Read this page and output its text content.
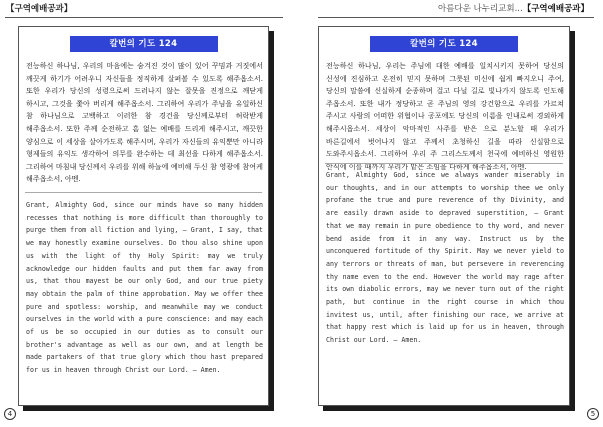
【구역예배공과】	아름다운 나누리교회...【구역예배공과】
칼번의 기도 124

전능하신 하나님, 우리의 마음에는 숨겨진 것이 많이 있어 꾸밈과 거짓에서 깨끗게 하기가 어려우니 자신들을 정직하게 살펴볼 수 있도록 해주옵소서. 또한 우리가 당신의 성령으로써 드러나지 않는 잘못을 진정으로 깨닫게 하시고, 그것을 쫓아 버리게 해주옵소서. 그리하여 우리가 주님을 유일하신 참 하나님으로 고백하고 이러한 참 경건을 당신께로부터 허락받게 해주옵소서. 또한 주께 순전하고 흠 없는 예배를 드리게 해주시고, 깨끗한 양심으로 이 세상을 살아가도록 해주시며, 우리가 자신들의 유익뿐만 아니라 형제들의 유익도 생각하여 의무를 완수하는 데 최선을 다하게 해주옵소서. 그리하여 마침내 당신께서 우리를 위해 하늘에 예비해 두신 참 영광에 참여케 해주옵소서, 아멘.

Grant, Almighty God, since our minds have so many hidden recesses that nothing is more difficult than thoroughly to purge them from all fiction and lying, — Grant, I say, that we may honestly examine ourselves. Do thou also shine upon us with the light of thy Holy Spirit: may we truly acknowledge our hidden faults and put them far away from us, that thou mayest be our only God, and our true piety may obtain the palm of thine approbation. May we offer thee pure and spotless: worship, and meanwhile may we conduct ourselves in the world with a pure conscience: and may each of us be so occupied in our duties as to consult our brother's advantage as well as our own, and at length be made partakers of that true glory which thou hast prepared for us in heaven through Christ our Lord. — Amen.

칼번의 기도 124

전능하신 하나님, 우리는 주님에 대한 예배를 일치시키지 못하여 당신의 신성에 진심하고 온전히 믿지 못하며 그릇된 미신에 쉽게 빠지오니 주여, 당신의 말씀에 신실하게 순종하며 걸고 다닐 길로 빛나가지 않도록 인도해 주옵소서. 또한 내가 정당하고 곧 주님의 영의 강건함으로 우리를 가르쳐 주시고 사람의 어떠한 위협이나 공포에도 당신의 이름을 인내로써 경외하게 해주시옵소서. 세상이 악마적인 사주를 받은 으로 분노할 때 우리가 바른길에서 벗어나지 않고 주께서 초청하신 길을 따라 신실함으로 도와주시옵소서. 그리하여 우리 주 그리스도께서 천국에 예비하신 영원한 안식에 이를 때까지 우리가 맡은 소임을 다하게 해주옵소서, 아멘.

Grant, Almighty God, since we always wander miserably in our thoughts, and in our attempts to worship thee we only profane the true and pure reverence of thy Divinity, and are easily drawn aside to depraved superstition, — Grant that we may remain in pure obedience to thy word, and never bend aside from it in any way. Instruct us by the unconquered fortitude of thy Spirit. May we never yield to any terrors or threats of man, but persevere in reverencing thy name even to the end. However the world may rage after its own diabolic errors, may we never turn out of the right path, but continue in the right course in which thou invitest us, until, after finishing our race, we arrive at that happy rest which is laid up for us in heaven, through Christ our Lord. — Amen.

4	5
